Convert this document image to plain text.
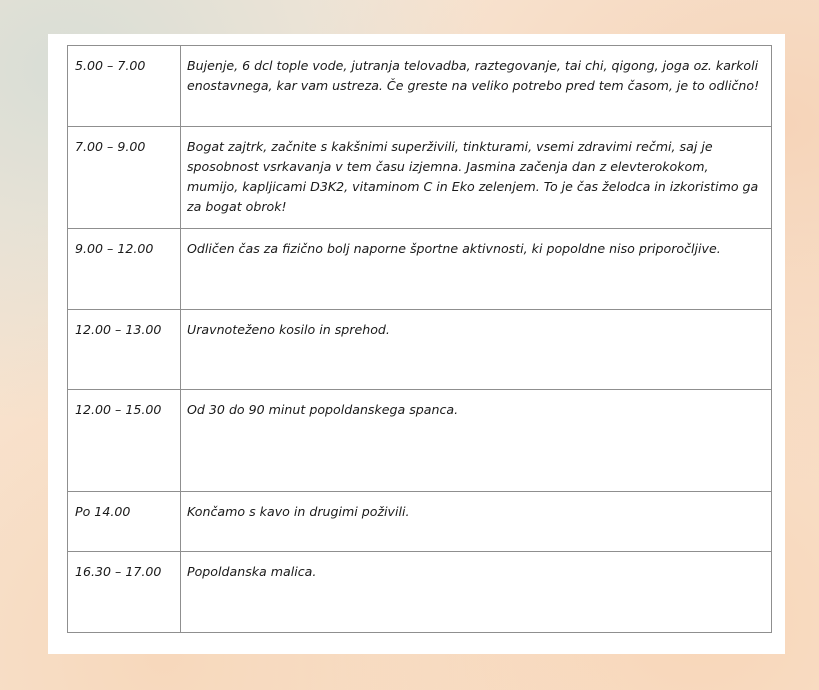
5.00 – 7.00	Bujenje, 6 dcl tople vode, jutranja telovadba, raztegovanje, tai chi, qigong, joga oz. karkoli enostavnega, kar vam ustreza. Če greste na veliko potrebo pred tem časom, je to odlično!
7.00 – 9.00	Bogat zajtrk, začnite s kakšnimi superživili, tinkturami, vsemi zdravimi rečmi, saj je sposobnost vsrkavanja v tem času izjemna. Jasmina začenja dan z elevterokokom, mumijo, kapljicami D3K2, vitaminom C in Eko zelenjem. To je čas želodca in izkoristimo ga za bogat obrok!
9.00 – 12.00	Odličen čas za fizično bolj naporne športne aktivnosti, ki popoldne niso priporočljive.
12.00 – 13.00	Uravnoteženo kosilo in sprehod.
12.00 – 15.00	Od 30 do 90 minut popoldanskega spanca.
Po 14.00	Končamo s kavo in drugimi poživili.
16.30 – 17.00	Popoldanska malica.
